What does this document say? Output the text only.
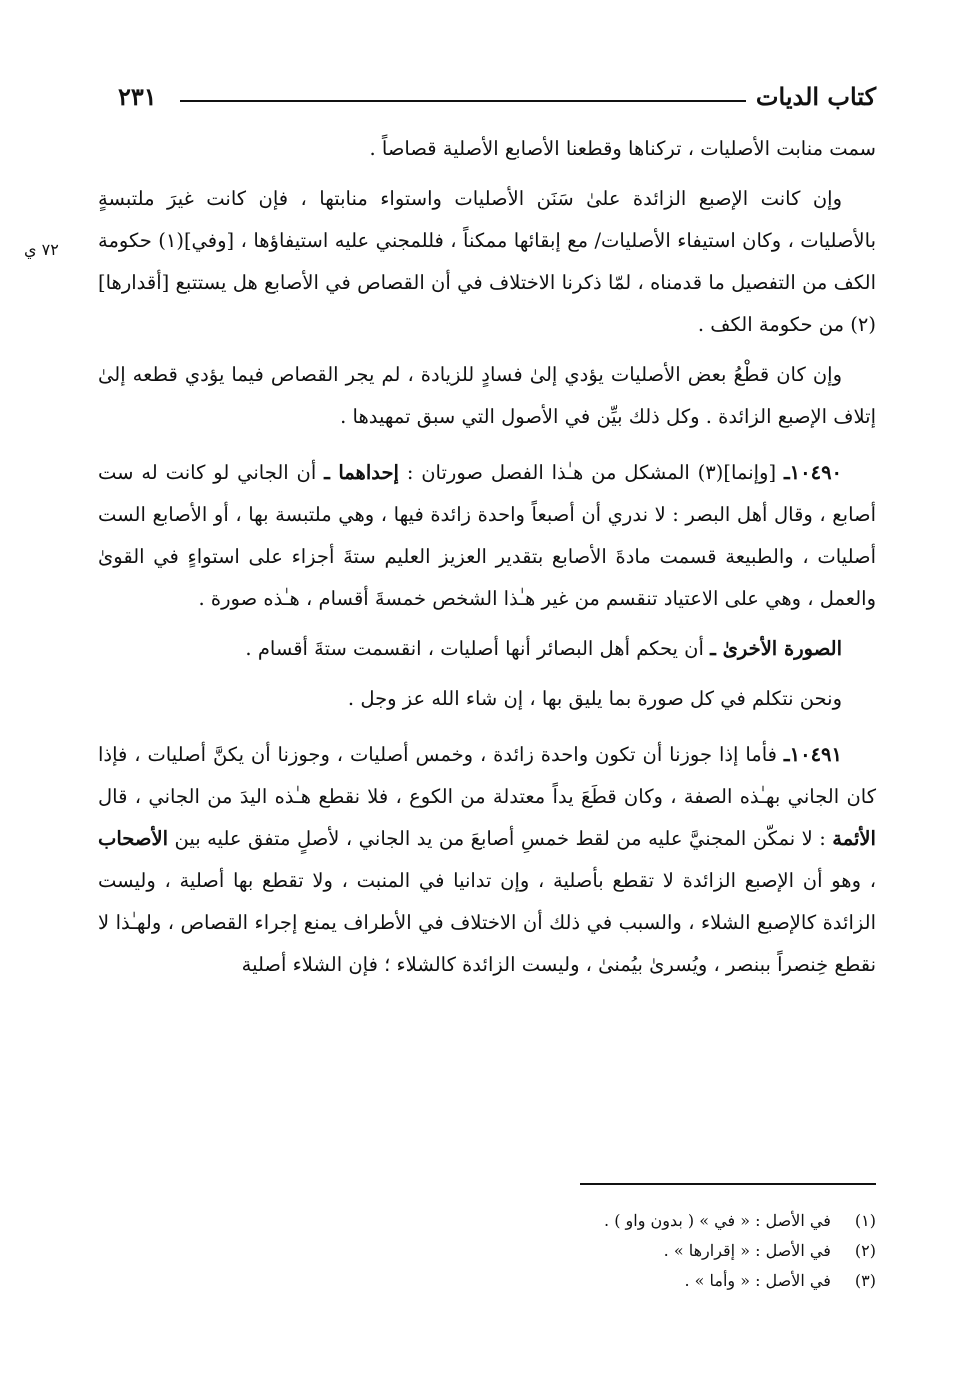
كتاب الديات
٢٣١
٧٢ ي

سمت منابت الأصليات ، تركناها وقطعنا الأصابع الأصلية قصاصاً .

وإن كانت الإصبع الزائدة علىٰ سَنَن الأصليات واستواء منابتها ، فإن كانت غيرَ ملتبسةٍ بالأصليات ، وكان استيفاء الأصليات/ مع إبقائها ممكناً ، فللمجني عليه استيفاؤها ، [وفي](١) حكومة الكف من التفصيل ما قدمناه ، لمّا ذكرنا الاختلاف في أن القصاص في الأصابع هل يستتبع [أقدارها](٢) من حكومة الكف .

وإن كان قطْعُ بعض الأصليات يؤدي إلىٰ فسادٍ للزيادة ، لم يجر القصاص فيما يؤدي قطعه إلىٰ إتلاف الإصبع الزائدة . وكل ذلك بيِّن في الأصول التي سبق تمهيدها .

١٠٤٩٠ـ [وإنما](٣) المشكل من هـٰذا الفصل صورتان : إحداهما ـ أن الجاني لو كانت له ست أصابع ، وقال أهل البصر : لا ندري أن أصبعاً واحدة زائدة فيها ، وهي ملتبسة بها ، أو الأصابع الست أصليات ، والطبيعة قسمت مادةَ الأصابع بتقدير العزيز العليم ستةَ أجزاء على استواءٍ في القوىٰ والعمل ، وهي على الاعتياد تنقسم من غير هـٰذا الشخص خمسةَ أقسام ، هـٰذه صورة .

الصورة الأخرىٰ ـ أن يحكم أهل البصائر أنها أصليات ، انقسمت ستةَ أقسام .

ونحن نتكلم في كل صورة بما يليق بها ، إن شاء الله عز وجل .

١٠٤٩١ـ فأما إذا جوزنا أن تكون واحدة زائدة ، وخمس أصليات ، وجوزنا أن يكنَّ أصليات ، فإذا كان الجاني بهـٰذه الصفة ، وكان قطَعَ يداً معتدلة من الكوع ، فلا نقطع هـٰذه اليدَ من الجاني ، قال الأئمة : لا نمكّن المجنيَّ عليه من لقط خمسِ أصابعَ من يد الجاني ، لأصلٍ متفق عليه بين الأصحاب ، وهو أن الإصبع الزائدة لا تقطع بأصلية ، وإن تدانيا في المنبت ، ولا تقطع بها أصلية ، وليست الزائدة كالإصبع الشلاء ، والسبب في ذلك أن الاختلاف في الأطراف يمنع إجراء القصاص ، ولهـٰذا لا نقطع خِنصراً ببنصر ، ويُسرىٰ بيُمنىٰ ، وليست الزائدة كالشلاء ؛ فإن الشلاء أصلية

(١) في الأصل : « في » ( بدون واو ) .
(٢) في الأصل : « إقرارها » .
(٣) في الأصل : « وأما » .
